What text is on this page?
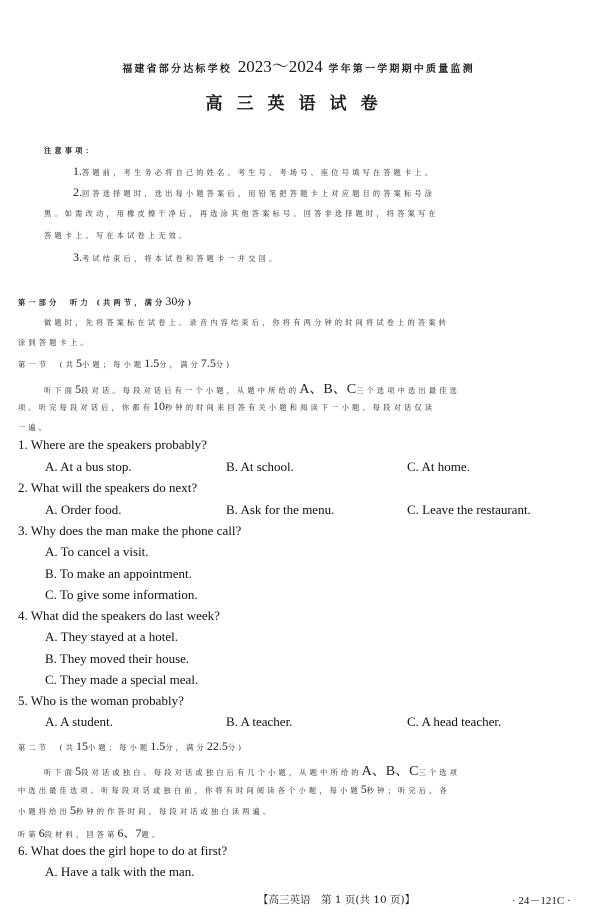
福建省部分达标学校 2023～2024 学年第一学期期中质量监测
高三英语试卷
注意事项：
1.答题前，考生务必将自己的姓名、考生号、考场号、座位号填写在答题卡上。
2.回答选择题时，选出每小题答案后，用铅笔把答题卡上对应题目的答案标号涂
黑。如需改动，用橡皮擦干净后，再选涂其他答案标号。回答非选择题时，将答案写在
答题卡上。写在本试卷上无效。
3.考试结束后，将本试卷和答题卡一并交回。
第一部分　 听力 (共两节，满分30分)
做题时，先将答案标在试卷上。录音内容结束后，你将有两分钟的时间将试卷上的答案转
涂到答题卡上。
第一节　 (共5小题；每小题1.5分，满分7.5分)
听下面5段对话。每段对话后有一个小题，从题中所给的A、B、C三个选项中选出最佳选
项。听完每段对话后，你都有10秒钟的时间来回答有关小题和阅读下一小题。每段对话仅读
一遍。
1. Where are the speakers probably?
A. At a bus stop.	B. At school.	C. At home.
2. What will the speakers do next?
A. Order food.	B. Ask for the menu.	C. Leave the restaurant.
3. Why does the man make the phone call?
A. To cancel a visit.
B. To make an appointment.
C. To give some information.
4. What did the speakers do last week?
A. They stayed at a hotel.
B. They moved their house.
C. They made a special meal.
5. Who is the woman probably?
A. A student.	B. A teacher.	C. A head teacher.
第二节　 (共15小题；每小题1.5分，满分22.5分)
听下面5段对话或独白。每段对话或独白后有几个小题，从题中所给的A、B、C三个选项
中选出最佳选项。听每段对话或独白前，你将有时间阅读各个小题，每小题5秒钟；听完后，各
小题将给出5秒钟的作答时间。每段对话或独白读两遍。
听第6段材料，回答第6、7题。
6. What does the girl hope to do at first?
A. Have a talk with the man.
【高三英语　第 1 页(共 10 页)】	· 24－121C ·
